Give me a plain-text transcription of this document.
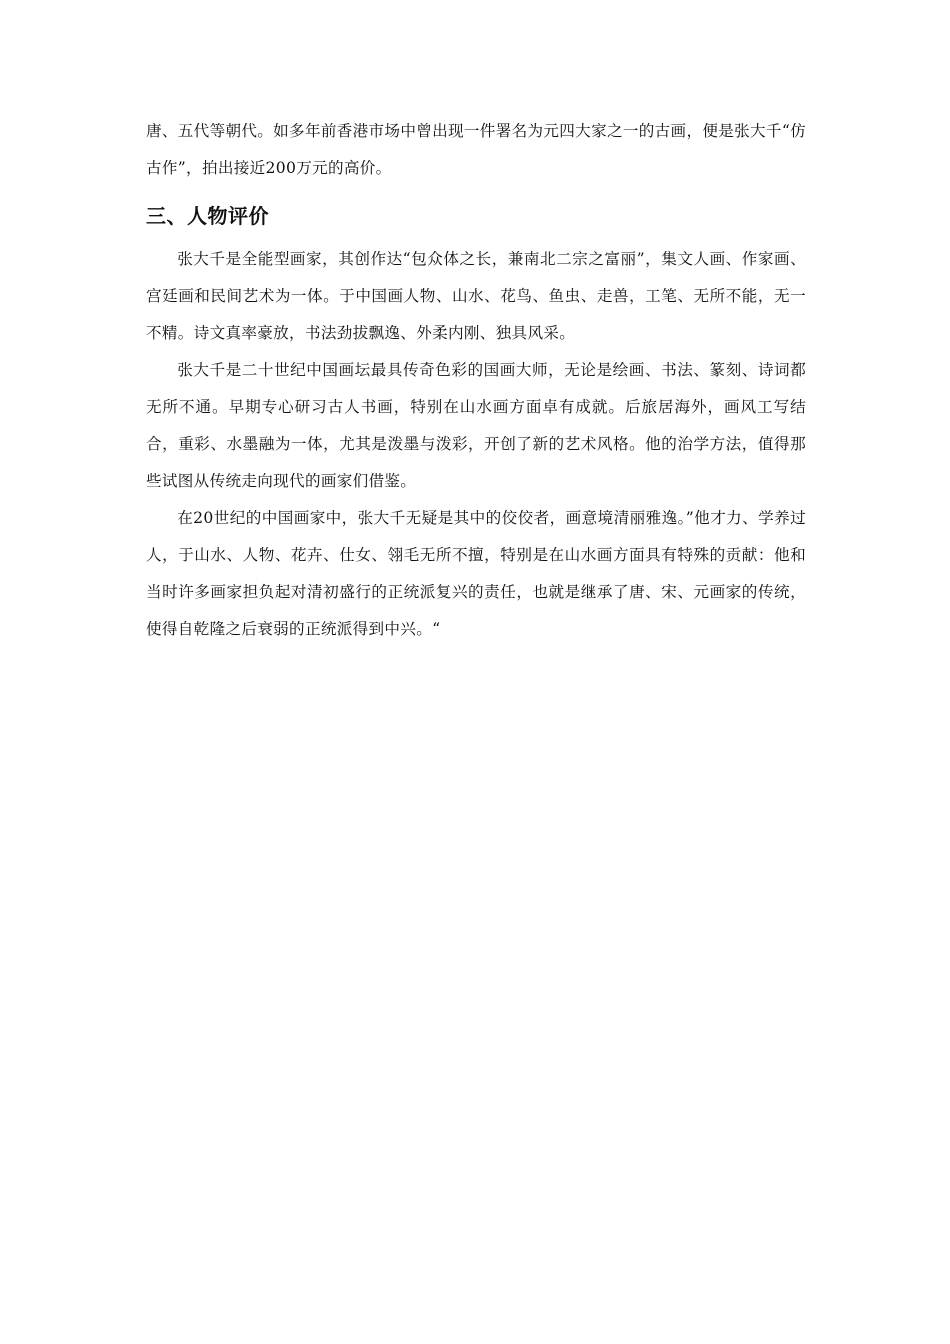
唐、五代等朝代。如多年前香港市场中曾出现一件署名为元四大家之一的古画，便是张大千“仿古作”，拍出接近200万元的高价。

三、人物评价

张大千是全能型画家，其创作达“包众体之长，兼南北二宗之富丽”，集文人画、作家画、宫廷画和民间艺术为一体。于中国画人物、山水、花鸟、鱼虫、走兽，工笔、无所不能，无一不精。诗文真率豪放，书法劲拔飘逸、外柔内刚、独具风采。

张大千是二十世纪中国画坛最具传奇色彩的国画大师，无论是绘画、书法、篆刻、诗词都无所不通。早期专心研习古人书画，特别在山水画方面卓有成就。后旅居海外，画风工写结合，重彩、水墨融为一体，尤其是泼墨与泼彩，开创了新的艺术风格。他的治学方法，值得那些试图从传统走向现代的画家们借鉴。

在20世纪的中国画家中，张大千无疑是其中的佼佼者，画意境清丽雅逸。”他才力、学养过人，于山水、人物、花卉、仕女、翎毛无所不擅，特别是在山水画方面具有特殊的贡献：他和当时许多画家担负起对清初盛行的正统派复兴的责任，也就是继承了唐、宋、元画家的传统，使得自乾隆之后衰弱的正统派得到中兴。“
